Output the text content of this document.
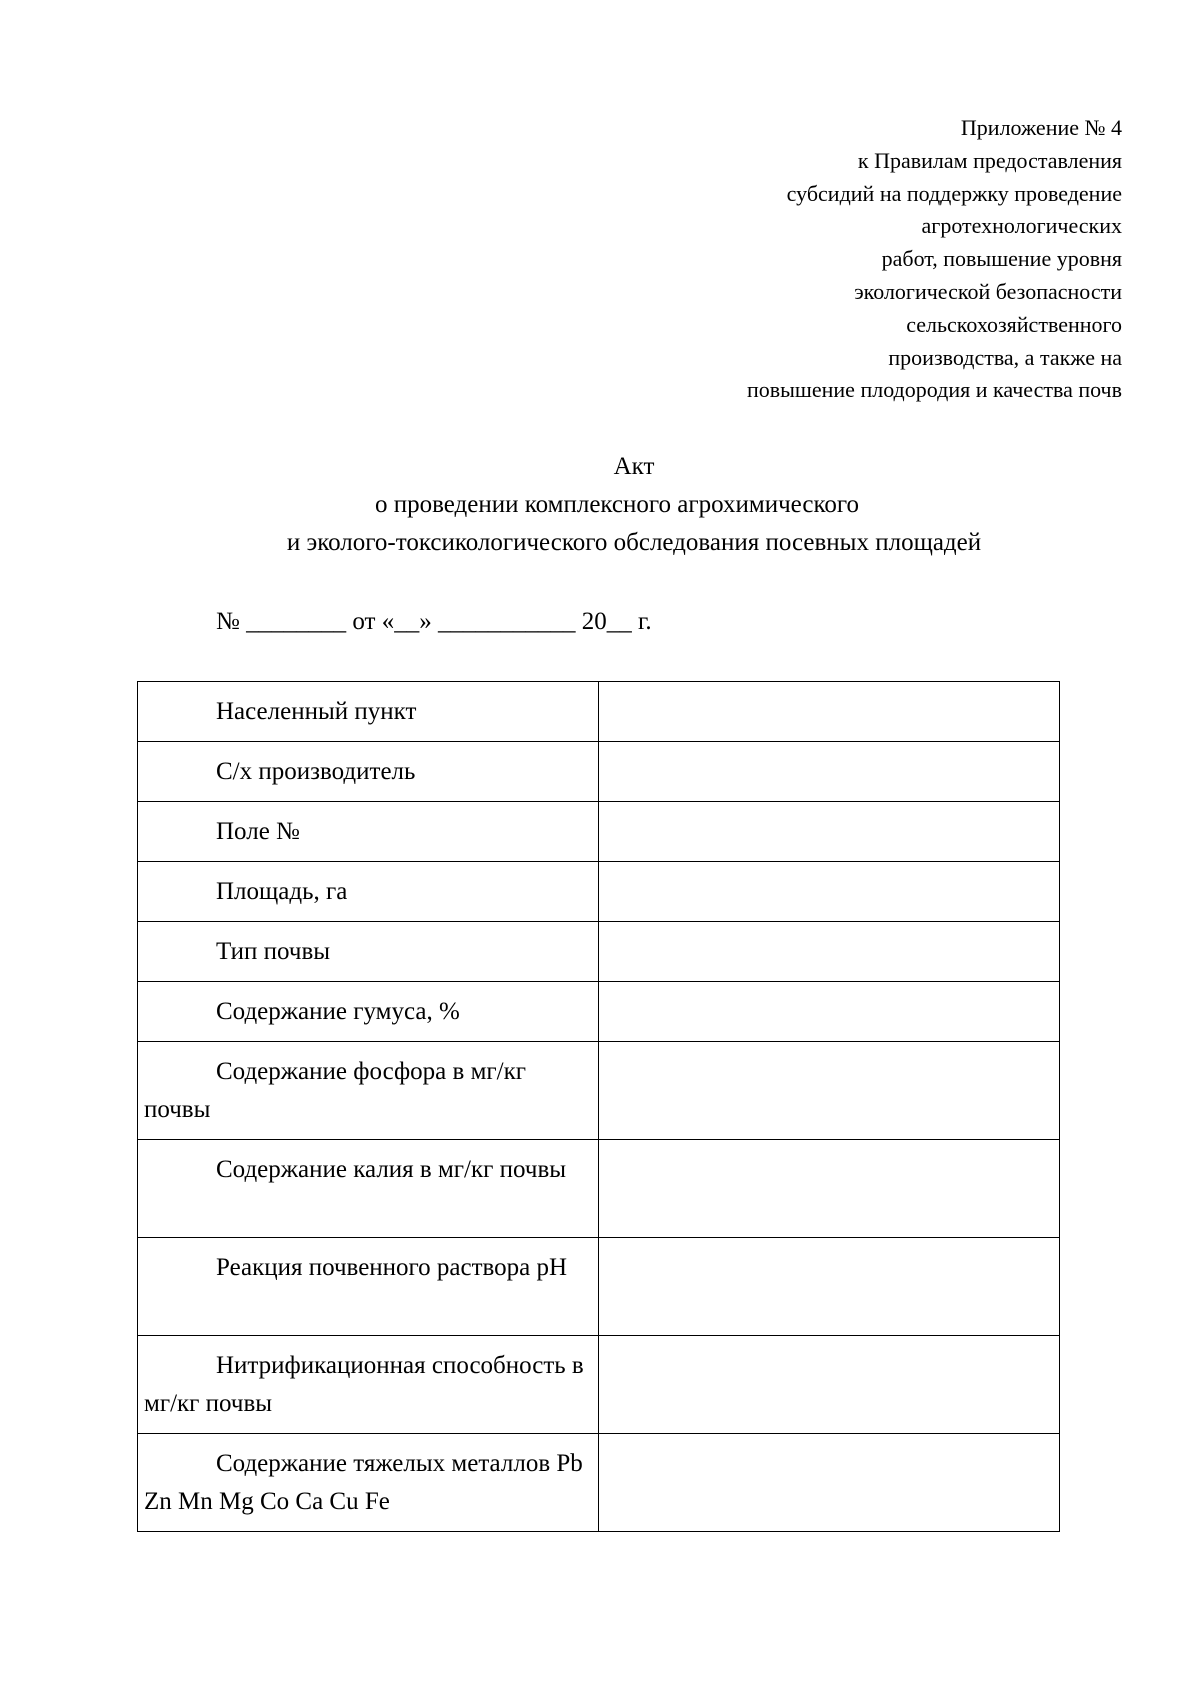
Приложение № 4
к Правилам предоставления
субсидий на поддержку проведение
агротехнологических
работ, повышение уровня
экологической безопасности
сельскохозяйственного
производства, а также на
повышение плодородия и качества почв
Акт
о проведении комплексного агрохимического
и эколого-токсикологического обследования посевных площадей
№ ________ от «__» ___________ 20__ г.
Населенный пункт	

С/х производитель	

Поле №	

Площадь, га	

Тип почвы	

Содержание гумуса, %	

Содержание фосфора в мг/кг почвы	

Содержание калия в мг/кг почвы	

Реакция почвенного раствора pH	

Нитрификационная способность в мг/кг почвы	

Содержание тяжелых металлов Pb Zn Mn Mg Co Ca Cu Fe	
